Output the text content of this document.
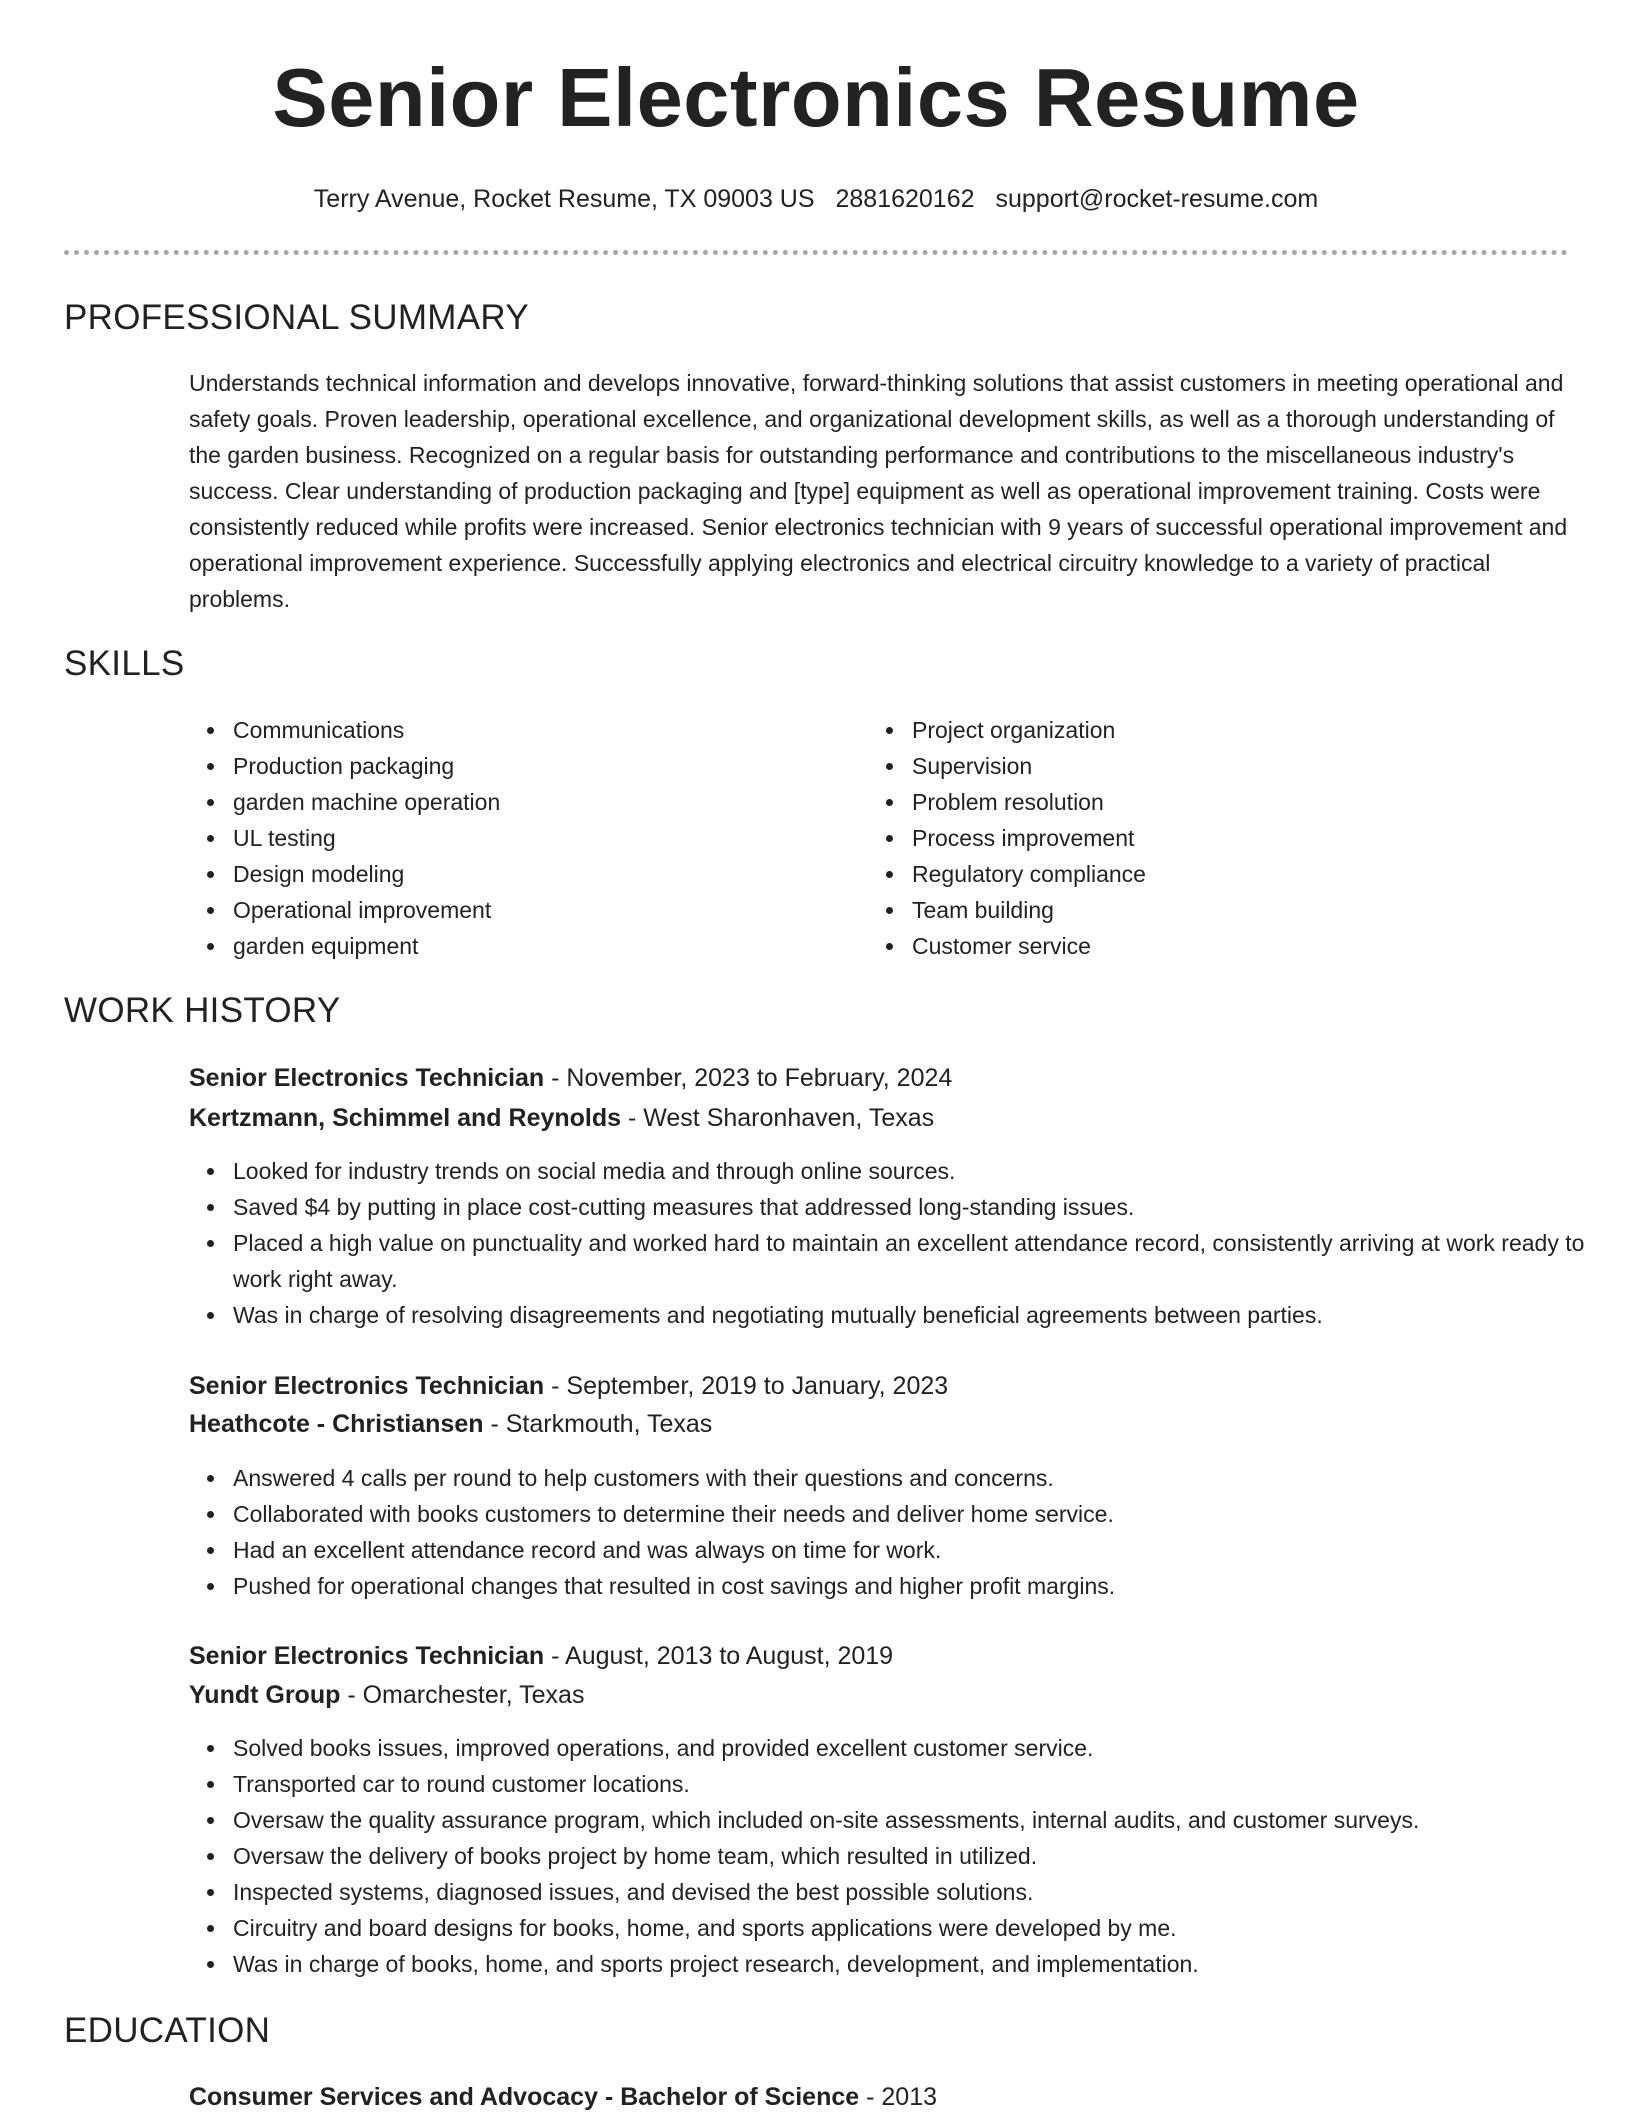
Senior Electronics Resume
Terry Avenue, Rocket Resume, TX 09003 US 2881620162 support@rocket-resume.com
PROFESSIONAL SUMMARY

Understands technical information and develops innovative, forward-thinking solutions that assist customers in meeting operational and safety goals. Proven leadership, operational excellence, and organizational development skills, as well as a thorough understanding of the garden business. Recognized on a regular basis for outstanding performance and contributions to the miscellaneous industry's success. Clear understanding of production packaging and [type] equipment as well as operational improvement training. Costs were consistently reduced while profits were increased. Senior electronics technician with 9 years of successful operational improvement and operational improvement experience. Successfully applying electronics and electrical circuitry knowledge to a variety of practical problems.

SKILLS
Communications
Production packaging
garden machine operation
UL testing
Design modeling
Operational improvement
garden equipment
Project organization
Supervision
Problem resolution
Process improvement
Regulatory compliance
Team building
Customer service
WORK HISTORY
Senior Electronics Technician - November, 2023 to February, 2024
Kertzmann, Schimmel and Reynolds - West Sharonhaven, Texas
Looked for industry trends on social media and through online sources.
Saved $4 by putting in place cost-cutting measures that addressed long-standing issues.
Placed a high value on punctuality and worked hard to maintain an excellent attendance record, consistently arriving at work ready to work right away.
Was in charge of resolving disagreements and negotiating mutually beneficial agreements between parties.
Senior Electronics Technician - September, 2019 to January, 2023
Heathcote - Christiansen - Starkmouth, Texas
Answered 4 calls per round to help customers with their questions and concerns.
Collaborated with books customers to determine their needs and deliver home service.
Had an excellent attendance record and was always on time for work.
Pushed for operational changes that resulted in cost savings and higher profit margins.
Senior Electronics Technician - August, 2013 to August, 2019
Yundt Group - Omarchester, Texas
Solved books issues, improved operations, and provided excellent customer service.
Transported car to round customer locations.
Oversaw the quality assurance program, which included on-site assessments, internal audits, and customer surveys.
Oversaw the delivery of books project by home team, which resulted in utilized.
Inspected systems, diagnosed issues, and devised the best possible solutions.
Circuitry and board designs for books, home, and sports applications were developed by me.
Was in charge of books, home, and sports project research, development, and implementation.
EDUCATION
Consumer Services and Advocacy - Bachelor of Science - 2013
